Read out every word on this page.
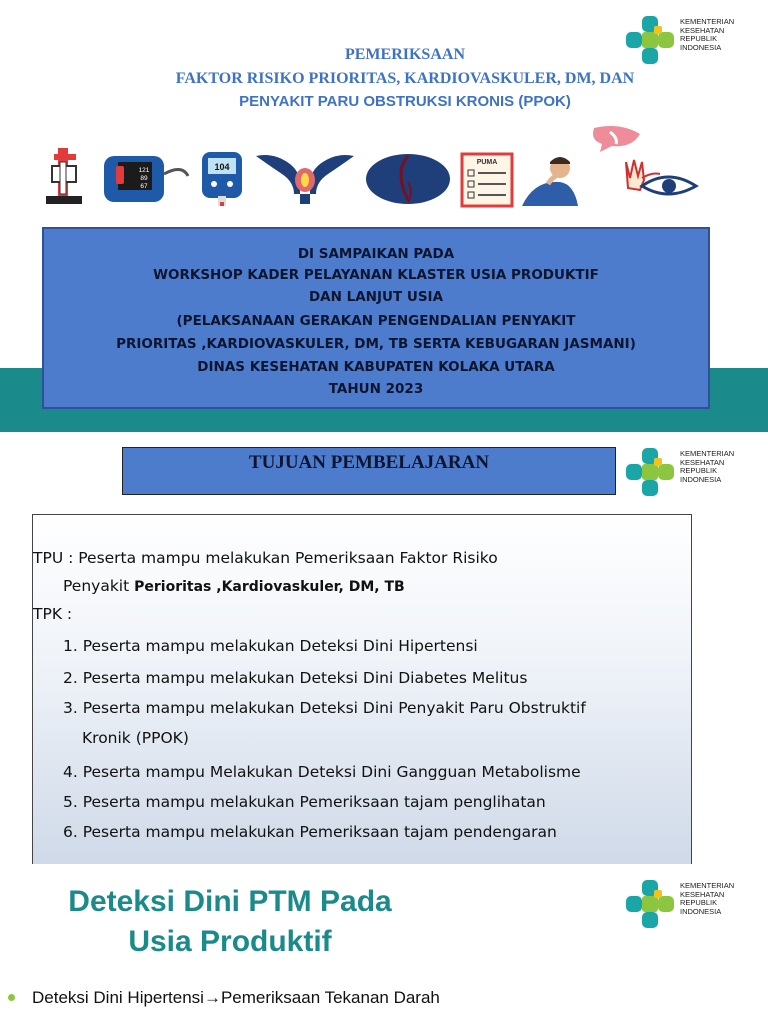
PEMERIKSAAN
FAKTOR RISIKO PRIORITAS, KARDIOVASKULER, DM, DAN
PENYAKIT PARU OBSTRUKSI KRONIS (PPOK)
KEMENTERIAN
KESEHATAN
REPUBLIK
INDONESIA
121
89
67
104	PUMA
DI SAMPAIKAN PADA
WORKSHOP KADER PELAYANAN KLASTER USIA PRODUKTIF
DAN LANJUT USIA
(PELAKSANAAN GERAKAN PENGENDALIAN PENYAKIT
PRIORITAS ,KARDIOVASKULER, DM, TB SERTA KEBUGARAN JASMANI)
DINAS KESEHATAN KABUPATEN KOLAKA UTARA
TAHUN 2023
TUJUAN PEMBELAJARAN	KEMENTERIAN
KESEHATAN
REPUBLIK
INDONESIA
TPU : Peserta mampu melakukan Pemeriksaan Faktor Risiko
Penyakit Perioritas ,Kardiovaskuler, DM, TB
TPK :
1. Peserta mampu melakukan Deteksi Dini Hipertensi
2. Peserta mampu melakukan Deteksi Dini Diabetes Melitus
3. Peserta mampu melakukan Deteksi Dini Penyakit Paru Obstruktif
Kronik (PPOK)
4. Peserta mampu Melakukan Deteksi Dini Gangguan Metabolisme
5. Peserta mampu melakukan Pemeriksaan tajam penglihatan
6. Peserta mampu melakukan Pemeriksaan tajam pendengaran
Deteksi Dini PTM Pada
Usia Produktif
KEMENTERIAN
KESEHATAN
REPUBLIK
INDONESIA
Deteksi Dini Hipertensi→Pemeriksaan Tekanan Darah
